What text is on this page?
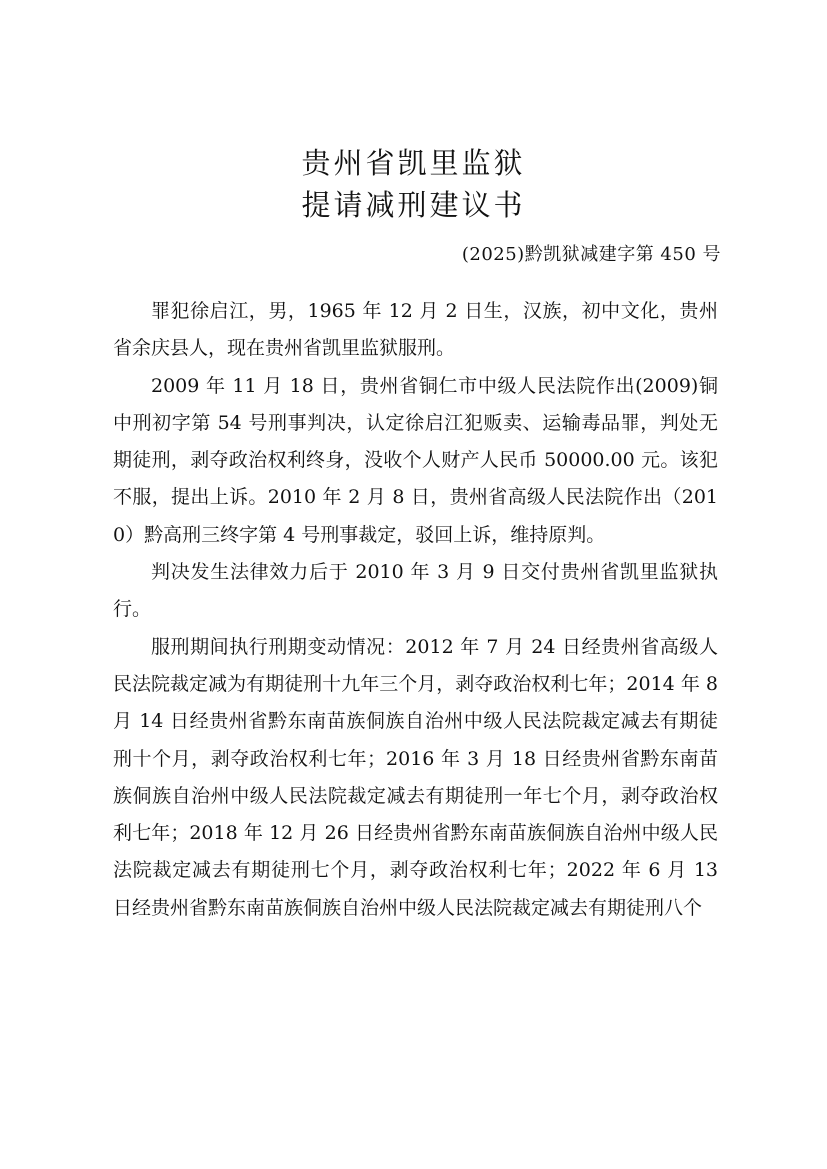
贵州省凯里监狱
提请减刑建议书
(2025)黔凯狱减建字第 450 号

罪犯徐启江，男，1965 年 12 月 2 日生，汉族，初中文化，贵州省余庆县人，现在贵州省凯里监狱服刑。

2009 年 11 月 18 日，贵州省铜仁市中级人民法院作出(2009)铜中刑初字第 54 号刑事判决，认定徐启江犯贩卖、运输毒品罪，判处无期徒刑，剥夺政治权利终身，没收个人财产人民币 50000.00 元。该犯不服，提出上诉。2010 年 2 月 8 日，贵州省高级人民法院作出（2010）黔高刑三终字第 4 号刑事裁定，驳回上诉，维持原判。

判决发生法律效力后于 2010 年 3 月 9 日交付贵州省凯里监狱执行。

服刑期间执行刑期变动情况：2012 年 7 月 24 日经贵州省高级人民法院裁定减为有期徒刑十九年三个月，剥夺政治权利七年；2014 年 8 月 14 日经贵州省黔东南苗族侗族自治州中级人民法院裁定减去有期徒刑十个月，剥夺政治权利七年；2016 年 3 月 18 日经贵州省黔东南苗族侗族自治州中级人民法院裁定减去有期徒刑一年七个月，剥夺政治权利七年；2018 年 12 月 26 日经贵州省黔东南苗族侗族自治州中级人民法院裁定减去有期徒刑七个月，剥夺政治权利七年；2022 年 6 月 13 日经贵州省黔东南苗族侗族自治州中级人民法院裁定减去有期徒刑八个
